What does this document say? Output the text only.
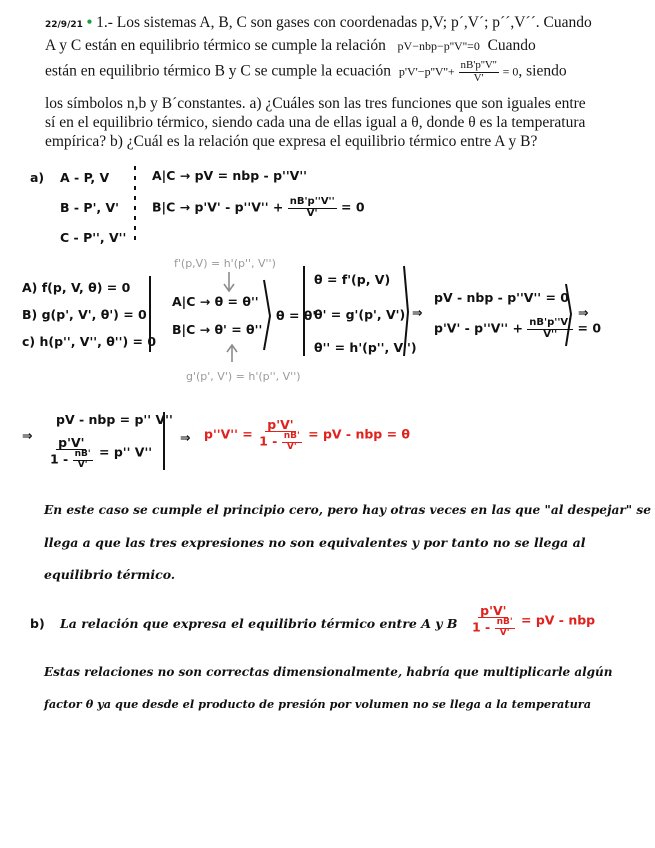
22/9/21 • 1.- Los sistemas A, B, C son gases con coordenadas p,V; p´,V´; p´´,V´´. Cuando
A y C están en equilibrio térmico se cumple la relación pV−nbp−p''V''=0 Cuando
están en equilibrio térmico B y C se cumple la ecuación $p'V'-p''V''+ \frac{nB'p''V''}{V'} = 0$, siendo
los símbolos n,b y B´constantes. a) ¿Cuáles son las tres funciones que son iguales entre
sí en el equilibrio térmico, siendo cada una de ellas igual a θ, donde θ es la temperatura
empírica? b) ¿Cuál es la relación que expresa el equilibrio térmico entre A y B?
a) A - P, V
B - P', V'
C - P'', V''
A|C → pV = nbp - p''V''
$B|C \to p'V' - p''V'' + \frac{nB'p''V''}{V'} = 0$
f'(p,V) = h'(p'', V'')
A) f(p, V, θ) = 0
B) g(p', V', θ') = 0
c) h(p'', V'', θ'') = 0
A|C → θ = θ''
B|C → θ' = θ''
g'(p', V') = h'(p'', V'')
θ = θ'
θ = f'(p, V)
θ' = g'(p', V')
θ'' = h'(p'', V'')
⇒
pV - nbp - p''V'' = 0
$p'V' - p''V'' + \frac{nB'p''V'}{V''} = 0$
⇒
⇒
pV - nbp = p'' V''
$\frac{p'V'}{1 - \frac{nB'}{V'}} = p''$ V''
⇒ $p''V'' = \frac{p'V'}{1 - \frac{nB'}{V'}}$ = pV - nbp = θ
En este caso se cumple el principio cero, pero hay otras veces en las que "al despejar" se
llega a que las tres expresiones no son equivalentes y por tanto no se llega al
equilibrio térmico.
b) La relación que expresa el equilibrio térmico entre A y B $\frac{p'V'}{1 - \frac{nB'}{V'}}$ = pV - nbp
Estas relaciones no son correctas dimensionalmente, habría que multiplicarle algún
factor θ ya que desde el producto de presión por volumen no se llega a la temperatura
